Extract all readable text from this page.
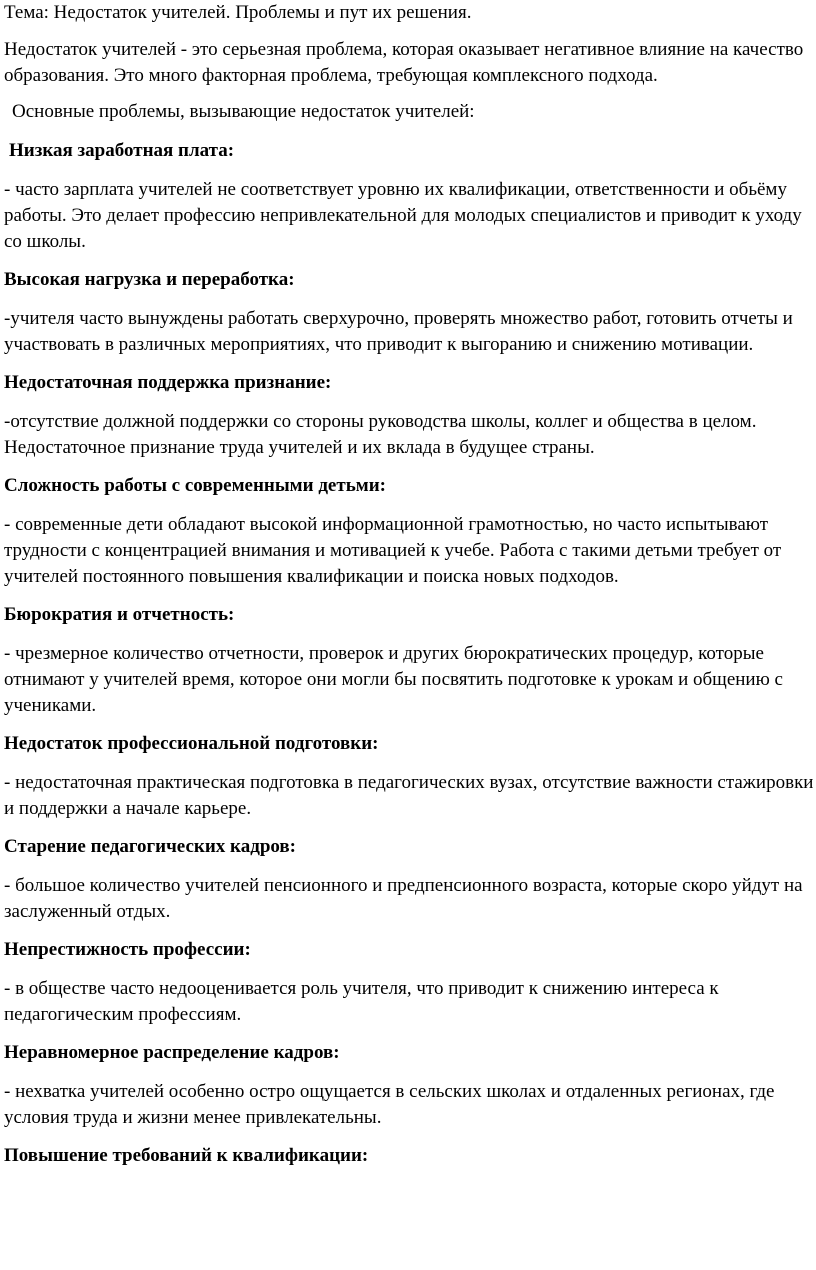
Тема: Недостаток учителей. Проблемы и пут их решения.

Недостаток учителей - это серьезная проблема, которая оказывает негативное влияние на качество образования. Это много факторная проблема, требующая комплексного подхода.

Основные проблемы, вызывающие недостаток учителей:

Низкая заработная плата:

- часто зарплата учителей не соответствует уровню их квалификации, ответственности и обьёму работы. Это делает профессию непривлекательной для молодых специалистов и приводит к уходу со школы.

Высокая нагрузка и переработка:

-учителя часто вынуждены работать сверхурочно, проверять множество работ, готовить отчеты и участвовать в различных мероприятиях, что приводит к выгоранию и снижению мотивации.

Недостаточная поддержка признание:

-отсутствие должной поддержки со стороны руководства школы, коллег и общества в целом. Недостаточное признание труда учителей и их вклада в будущее страны.

Сложность работы с современными детьми:

- современные дети обладают высокой информационной грамотностью, но часто испытывают трудности с концентрацией внимания и мотивацией к учебе. Работа с такими детьми требует от учителей постоянного повышения квалификации и поиска новых подходов.

Бюрократия и отчетность:

- чрезмерное количество отчетности, проверок и других бюрократических процедур, которые отнимают у учителей время, которое они могли бы посвятить подготовке к урокам и общению с учениками.

Недостаток профессиональной подготовки:

- недостаточная практическая подготовка в педагогических вузах, отсутствие важности стажировки и поддержки а начале карьере.

Старение педагогических кадров:

- большое количество учителей пенсионного и предпенсионного возраста, которые скоро уйдут на заслуженный отдых.

Непрестижность профессии:

- в обществе часто недооценивается роль учителя, что приводит к снижению интереса к педагогическим профессиям.

Неравномерное распределение кадров:

- нехватка учителей особенно остро ощущается в сельских школах и отдаленных регионах, где условия труда и жизни менее привлекательны.

Повышение требований к квалификации:
